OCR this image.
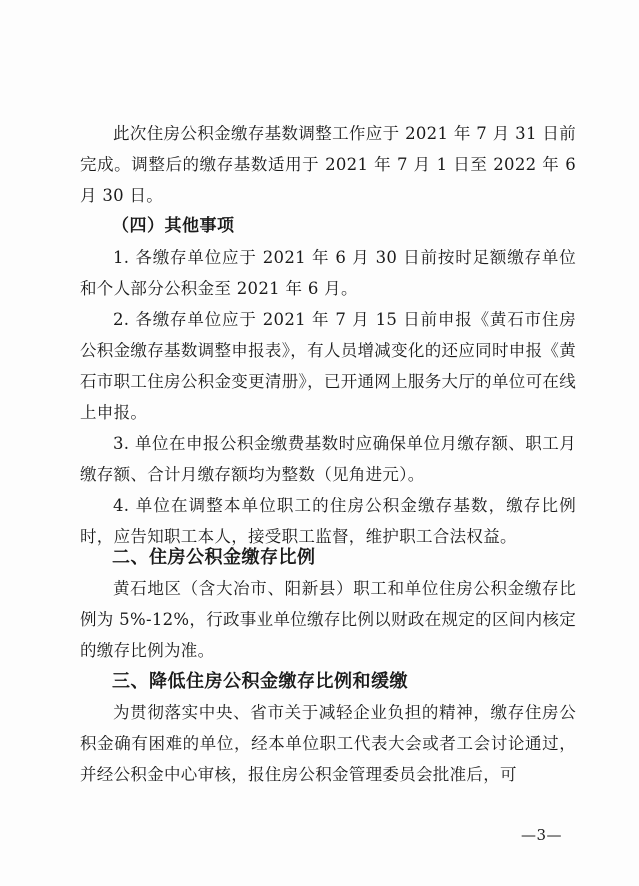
此次住房公积金缴存基数调整工作应于 2021 年 7 月 31 日前完成。调整后的缴存基数适用于 2021 年 7 月 1 日至 2022 年 6 月 30 日。

（四）其他事项

1. 各缴存单位应于 2021 年 6 月 30 日前按时足额缴存单位和个人部分公积金至 2021 年 6 月。

2. 各缴存单位应于 2021 年 7 月 15 日前申报《黄石市住房公积金缴存基数调整申报表》，有人员增减变化的还应同时申报《黄石市职工住房公积金变更清册》，已开通网上服务大厅的单位可在线上申报。

3. 单位在申报公积金缴费基数时应确保单位月缴存额、职工月缴存额、合计月缴存额均为整数（见角进元）。

4. 单位在调整本单位职工的住房公积金缴存基数，缴存比例时，应告知职工本人，接受职工监督，维护职工合法权益。

二、住房公积金缴存比例

黄石地区（含大冶市、阳新县）职工和单位住房公积金缴存比例为 5%-12%，行政事业单位缴存比例以财政在规定的区间内核定的缴存比例为准。

三、降低住房公积金缴存比例和缓缴

为贯彻落实中央、省市关于减轻企业负担的精神，缴存住房公积金确有困难的单位，经本单位职工代表大会或者工会讨论通过，并经公积金中心审核，报住房公积金管理委员会批准后，可

—3—
